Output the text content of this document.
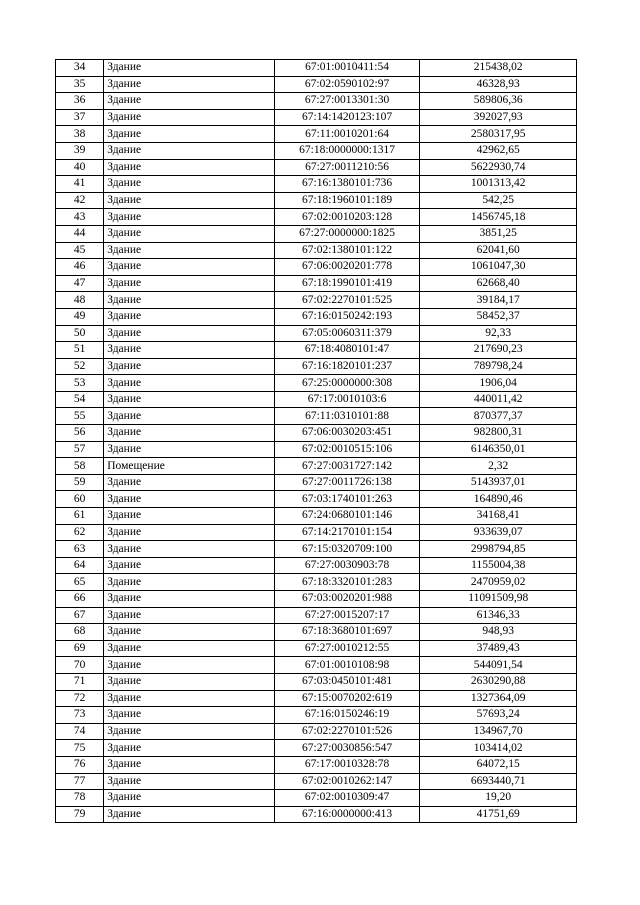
34	Здание	67:01:0010411:54	215438,02
35	Здание	67:02:0590102:97	46328,93
36	Здание	67:27:0013301:30	589806,36
37	Здание	67:14:1420123:107	392027,93
38	Здание	67:11:0010201:64	2580317,95
39	Здание	67:18:0000000:1317	42962,65
40	Здание	67:27:0011210:56	5622930,74
41	Здание	67:16:1380101:736	1001313,42
42	Здание	67:18:1960101:189	542,25
43	Здание	67:02:0010203:128	1456745,18
44	Здание	67:27:0000000:1825	3851,25
45	Здание	67:02:1380101:122	62041,60
46	Здание	67:06:0020201:778	1061047,30
47	Здание	67:18:1990101:419	62668,40
48	Здание	67:02:2270101:525	39184,17
49	Здание	67:16:0150242:193	58452,37
50	Здание	67:05:0060311:379	92,33
51	Здание	67:18:4080101:47	217690,23
52	Здание	67:16:1820101:237	789798,24
53	Здание	67:25:0000000:308	1906,04
54	Здание	67:17:0010103:6	440011,42
55	Здание	67:11:0310101:88	870377,37
56	Здание	67:06:0030203:451	982800,31
57	Здание	67:02:0010515:106	6146350,01
58	Помещение	67:27:0031727:142	2,32
59	Здание	67:27:0011726:138	5143937,01
60	Здание	67:03:1740101:263	164890,46
61	Здание	67:24:0680101:146	34168,41
62	Здание	67:14:2170101:154	933639,07
63	Здание	67:15:0320709:100	2998794,85
64	Здание	67:27:0030903:78	1155004,38
65	Здание	67:18:3320101:283	2470959,02
66	Здание	67:03:0020201:988	11091509,98
67	Здание	67:27:0015207:17	61346,33
68	Здание	67:18:3680101:697	948,93
69	Здание	67:27:0010212:55	37489,43
70	Здание	67:01:0010108:98	544091,54
71	Здание	67:03:0450101:481	2630290,88
72	Здание	67:15:0070202:619	1327364,09
73	Здание	67:16:0150246:19	57693,24
74	Здание	67:02:2270101:526	134967,70
75	Здание	67:27:0030856:547	103414,02
76	Здание	67:17:0010328:78	64072,15
77	Здание	67:02:0010262:147	6693440,71
78	Здание	67:02:0010309:47	19,20
79	Здание	67:16:0000000:413	41751,69
